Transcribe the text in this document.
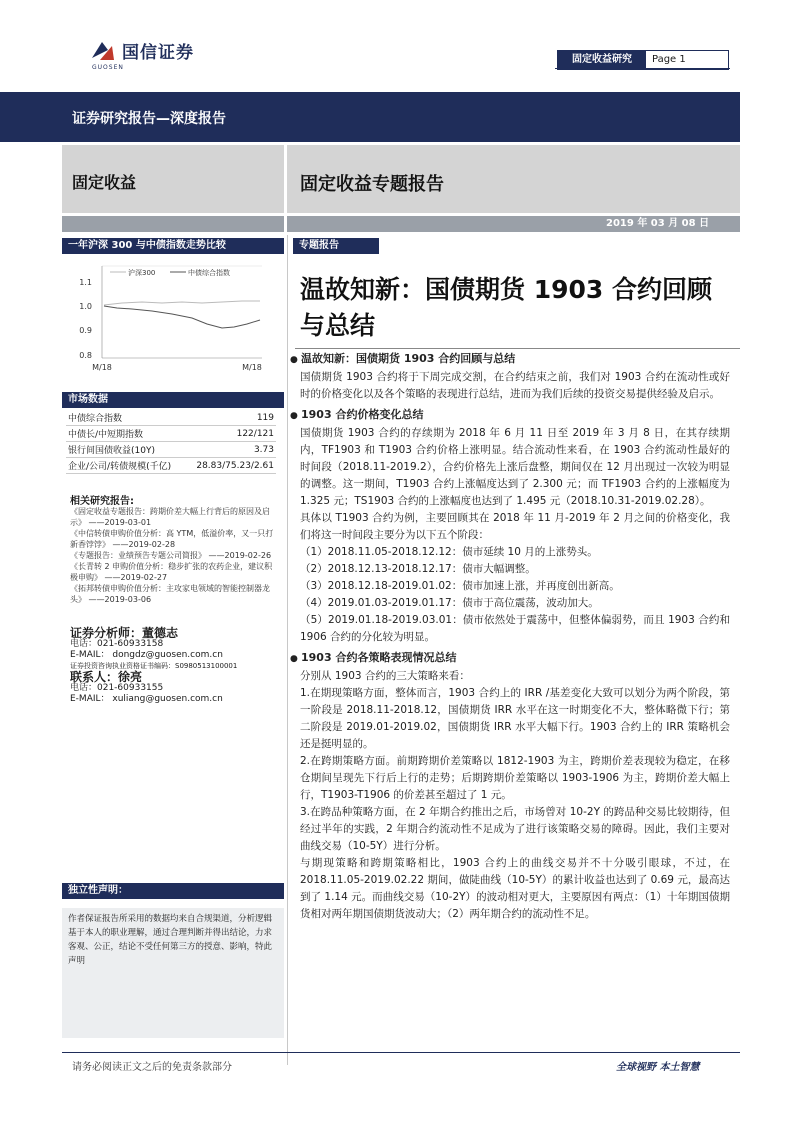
国信证券
GUOSEN
固定收益研究	Page 1
证券研究报告—深度报告
固定收益	固定收益专题报告
2019 年 03 月 08 日
一年沪深 300 与中债指数走势比较
1.1
1.0
0.9
0.8
M/18	M/18
沪深300	中债综合指数
市场数据
中债综合指数	119
中债长/中短期指数	122/121
银行间国债收益(10Y)	3.73
企业/公司/转债规模(千亿)	28.83/75.23/2.61
相关研究报告:
《固定收益专题报告：跨期价差大幅上行背后的原因及启示》 ——2019-03-01
《中信转债申购价值分析：高 YTM，低溢价率，又一只打新香饽饽》 ——2019-02-28
《专题报告：业绩预告专题公司简报》 ——2019-02-26
《长青转 2 申购价值分析：稳步扩张的农药企业，建议积极申购》 ——2019-02-27
《拓邦转债申购价值分析：主攻家电领域的智能控制器龙头》 ——2019-03-06
证券分析师：董德志
电话：021-60933158
E-MAIL： dongdz@guosen.com.cn
证券投资咨询执业资格证书编码：S0980513100001
联系人：徐亮
电话：021-60933155
E-MAIL： xuliang@guosen.com.cn
独立性声明：
作者保证报告所采用的数据均来自合规渠道，分析逻辑基于本人的职业理解，通过合理判断并得出结论，力求客观、公正，结论不受任何第三方的授意、影响，特此声明
专题报告
温故知新：国债期货 1903 合约回顾与总结

● 温故知新：国债期货 1903 合约回顾与总结

国债期货 1903 合约将于下周完成交割，在合约结束之前，我们对 1903 合约在流动性或好时的价格变化以及各个策略的表现进行总结，进而为我们后续的投资交易提供经验及启示。

● 1903 合约价格变化总结

国债期货 1903 合约的存续期为 2018 年 6 月 11 日至 2019 年 3 月 8 日，在其存续期内，TF1903 和 T1903 合约价格上涨明显。结合流动性来看，在 1903 合约流动性最好的时间段（2018.11-2019.2），合约价格先上涨后盘整，期间仅在 12 月出现过一次较为明显的调整。这一期间，T1903 合约上涨幅度达到了 2.300 元；而 TF1903 合约的上涨幅度为 1.325 元；TS1903 合约的上涨幅度也达到了 1.495 元（2018.10.31-2019.02.28）。

具体以 T1903 合约为例，主要回顾其在 2018 年 11 月-2019 年 2 月之间的价格变化，我们将这一时间段主要分为以下五个阶段：

（1）2018.11.05-2018.12.12：债市延续 10 月的上涨势头。

（2）2018.12.13-2018.12.17：债市大幅调整。

（3）2018.12.18-2019.01.02：债市加速上涨，并再度创出新高。

（4）2019.01.03-2019.01.17：债市于高位震荡，波动加大。

（5）2019.01.18-2019.03.01：债市依然处于震荡中，但整体偏弱势，而且 1903 合约和 1906 合约的分化较为明显。

● 1903 合约各策略表现情况总结

分别从 1903 合约的三大策略来看：

1.在期现策略方面，整体而言，1903 合约上的 IRR /基差变化大致可以划分为两个阶段，第一阶段是 2018.11-2018.12，国债期货 IRR 水平在这一时期变化不大，整体略微下行；第二阶段是 2019.01-2019.02，国债期货 IRR 水平大幅下行。1903 合约上的 IRR 策略机会还是挺明显的。

2.在跨期策略方面。前期跨期价差策略以 1812-1903 为主，跨期价差表现较为稳定，在移仓期间呈现先下行后上行的走势；后期跨期价差策略以 1903-1906 为主，跨期价差大幅上行，T1903-T1906 的价差甚至超过了 1 元。

3.在跨品种策略方面，在 2 年期合约推出之后，市场曾对 10-2Y 的跨品种交易比较期待，但经过半年的实践，2 年期合约流动性不足成为了进行该策略交易的障碍。因此，我们主要对曲线交易（10-5Y）进行分析。

与期现策略和跨期策略相比，1903 合约上的曲线交易并不十分吸引眼球，不过，在 2018.11.05-2019.02.22 期间，做陡曲线（10-5Y）的累计收益也达到了 0.69 元，最高达到了 1.14 元。而曲线交易（10-2Y）的波动相对更大，主要原因有两点：（1）十年期国债期货相对两年期国债期货波动大；（2）两年期合约的流动性不足。

请务必阅读正文之后的免责条款部分	全球视野 本土智慧
